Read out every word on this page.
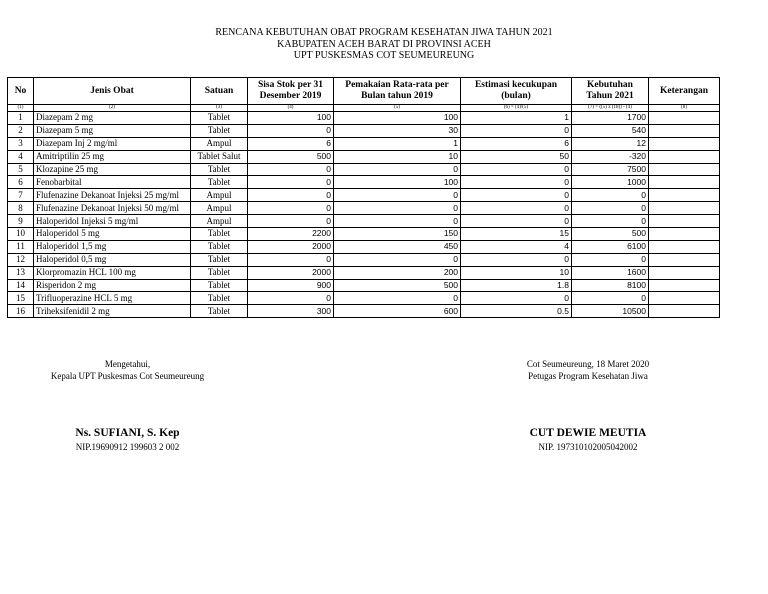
RENCANA KEBUTUHAN OBAT PROGRAM KESEHATAN JIWA TAHUN 2021
KABUPATEN ACEH BARAT DI PROVINSI ACEH
UPT PUSKESMAS COT SEUMEUREUNG
No	Jenis Obat	Satuan	Sisa Stok per 31 Desember 2019	Pemakaian Rata-rata per Bulan tahun 2019	Estimasi kecukupan (bulan)	Kebutuhan Tahun 2021	Keterangan
(1)	(2)	(3)	(4)	(5)	(6) = (4)/(5)	(7) = ((5) x (18)) - (4)	(8)
1	Diazepam 2 mg	Tablet	100	100	1	1700	
2	Diazepam 5 mg	Tablet	0	30	0	540	
3	Diazepam Inj 2 mg/ml	Ampul	6	1	6	12	
4	Amitriptilin 25 mg	Tablet Salut	500	10	50	-320	
5	Klozapine 25 mg	Tablet	0	0	0	7500	
6	Fenobarbital	Tablet	0	100	0	1000	
7	Flufenazine Dekanoat Injeksi 25 mg/ml	Ampul	0	0	0	0	
8	Flufenazine Dekanoat Injeksi 50 mg/ml	Ampul	0	0	0	0	
9	Haloperidol Injeksi 5 mg/ml	Ampul	0	0	0	0	
10	Haloperidol 5 mg	Tablet	2200	150	15	500	
11	Haloperidol 1,5 mg	Tablet	2000	450	4	6100	
12	Haloperidol 0,5 mg	Tablet	0	0	0	0	
13	Klorpromazin HCL 100 mg	Tablet	2000	200	10	1600	
14	Risperidon 2 mg	Tablet	900	500	1.8	8100	
15	Trifluoperazine HCL 5 mg	Tablet	0	0	0	0	
16	Triheksifenidil 2 mg	Tablet	300	600	0.5	10500	
Mengetahui,
Kepala UPT Puskesmas Cot Seumeureung
Ns. SUFIANI, S. Kep
NIP.19690912 199603 2 002
Cot Seumeureung, 18 Maret 2020
Petugas Program Kesehatan Jiwa
CUT DEWIE MEUTIA
NIP. 197310102005042002
